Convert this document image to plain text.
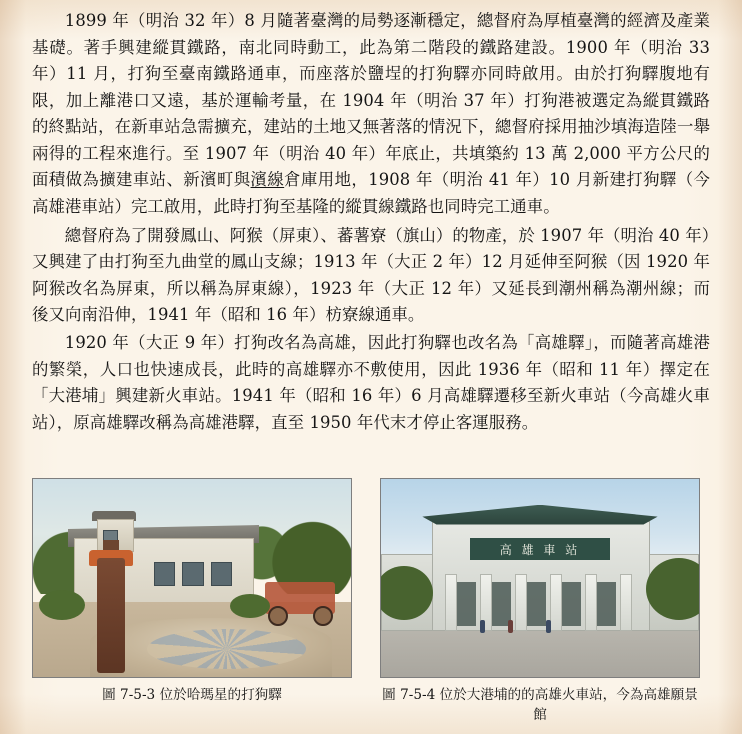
1899 年（明治 32 年）8 月隨著臺灣的局勢逐漸穩定，總督府為厚植臺灣的經濟及產業基礎。著手興建縱貫鐵路，南北同時動工，此為第二階段的鐵路建設。1900 年（明治 33 年）11 月，打狗至臺南鐵路通車，而座落於鹽埕的打狗驛亦同時啟用。由於打狗驛腹地有限，加上離港口又遠，基於運輸考量，在 1904 年（明治 37 年）打狗港被選定為縱貫鐵路的終點站，在新車站急需擴充，建站的土地又無著落的情況下，總督府採用抽沙填海造陸一舉兩得的工程來進行。至 1907 年（明治 40 年）年底止，共填築約 13 萬 2,000 平方公尺的面積做為擴建車站、新濱町與濱線倉庫用地，1908 年（明治 41 年）10 月新建打狗驛（今高雄港車站）完工啟用，此時打狗至基隆的縱貫線鐵路也同時完工通車。

總督府為了開發鳳山、阿猴（屏東）、蕃薯寮（旗山）的物產，於 1907 年（明治 40 年）又興建了由打狗至九曲堂的鳳山支線；1913 年（大正 2 年）12 月延伸至阿猴（因 1920 年阿猴改名為屏東，所以稱為屏東線），1923 年（大正 12 年）又延長到潮州稱為潮州線；而後又向南沿伸，1941 年（昭和 16 年）枋寮線通車。

1920 年（大正 9 年）打狗改名為高雄，因此打狗驛也改名為「高雄驛」，而隨著高雄港的繁榮，人口也快速成長，此時的高雄驛亦不敷使用，因此 1936 年（昭和 11 年）擇定在「大港埔」興建新火車站。1941 年（昭和 16 年）6 月高雄驛遷移至新火車站（今高雄火車站），原高雄驛改稱為高雄港驛，直至 1950 年代末才停止客運服務。

圖 7-5-3 位於哈瑪星的打狗驛
高 雄 車 站
圖 7-5-4 位於大港埔的的高雄火車站，今為高雄願景館
